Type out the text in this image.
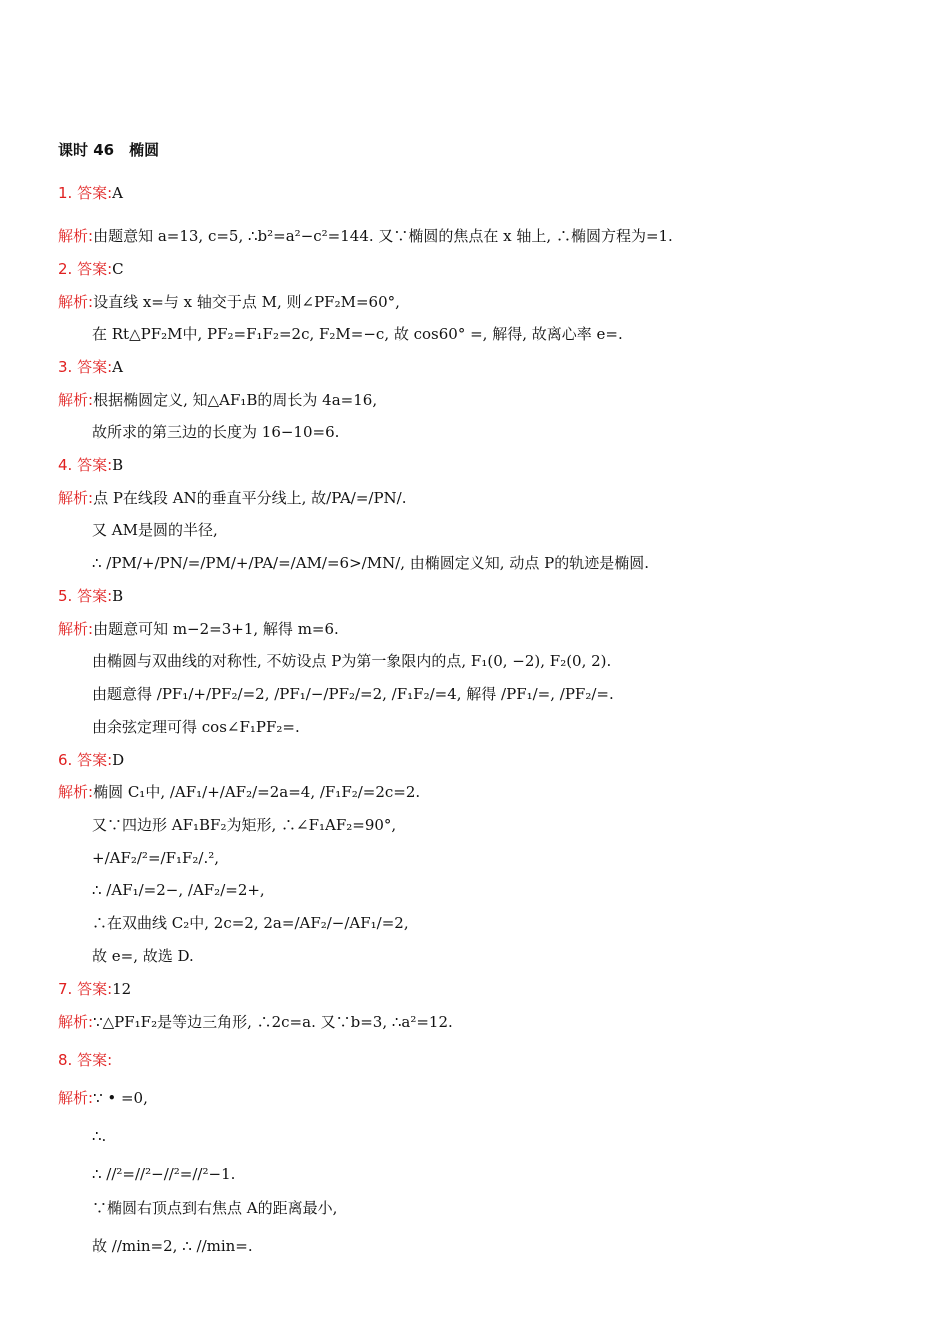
课时 46　椭圆
1. 答案:A
解析:由题意知 a=13, c=5, ∴b²=a²−c²=144. 又∵椭圆的焦点在 x 轴上, ∴椭圆方程为=1.
2. 答案:C
解析:设直线 x=与 x 轴交于点 M, 则∠PF₂M=60°,
在 Rt△PF₂M中, PF₂=F₁F₂=2c, F₂M=−c, 故 cos60° =, 解得, 故离心率 e=.
3. 答案:A
解析:根据椭圆定义, 知△AF₁B的周长为 4a=16,
故所求的第三边的长度为 16−10=6.
4. 答案:B
解析:点 P在线段 AN的垂直平分线上, 故/PA/=/PN/.
又 AM是圆的半径,
∴ /PM/+/PN/=/PM/+/PA/=/AM/=6>/MN/, 由椭圆定义知, 动点 P的轨迹是椭圆.
5. 答案:B
解析:由题意可知 m−2=3+1, 解得 m=6.
由椭圆与双曲线的对称性, 不妨设点 P为第一象限内的点, F₁(0, −2), F₂(0, 2).
由题意得 /PF₁/+/PF₂/=2, /PF₁/−/PF₂/=2, /F₁F₂/=4, 解得 /PF₁/=, /PF₂/=.
由余弦定理可得 cos∠F₁PF₂=.
6. 答案:D
解析:椭圆 C₁中, /AF₁/+/AF₂/=2a=4, /F₁F₂/=2c=2.
又∵四边形 AF₁BF₂为矩形, ∴∠F₁AF₂=90°,
+/AF₂/²=/F₁F₂/.²,
∴ /AF₁/=2−, /AF₂/=2+,
∴在双曲线 C₂中, 2c=2, 2a=/AF₂/−/AF₁/=2,
故 e=, 故选 D.
7. 答案:12
解析:∵△PF₁F₂是等边三角形, ∴2c=a. 又∵b=3, ∴a²=12.
8. 答案:
解析:∵ • =0,
∴.
∴ //²=//²−//²=//²−1.
∵椭圆右顶点到右焦点 A的距离最小,
故 //min=2, ∴ //min=.
